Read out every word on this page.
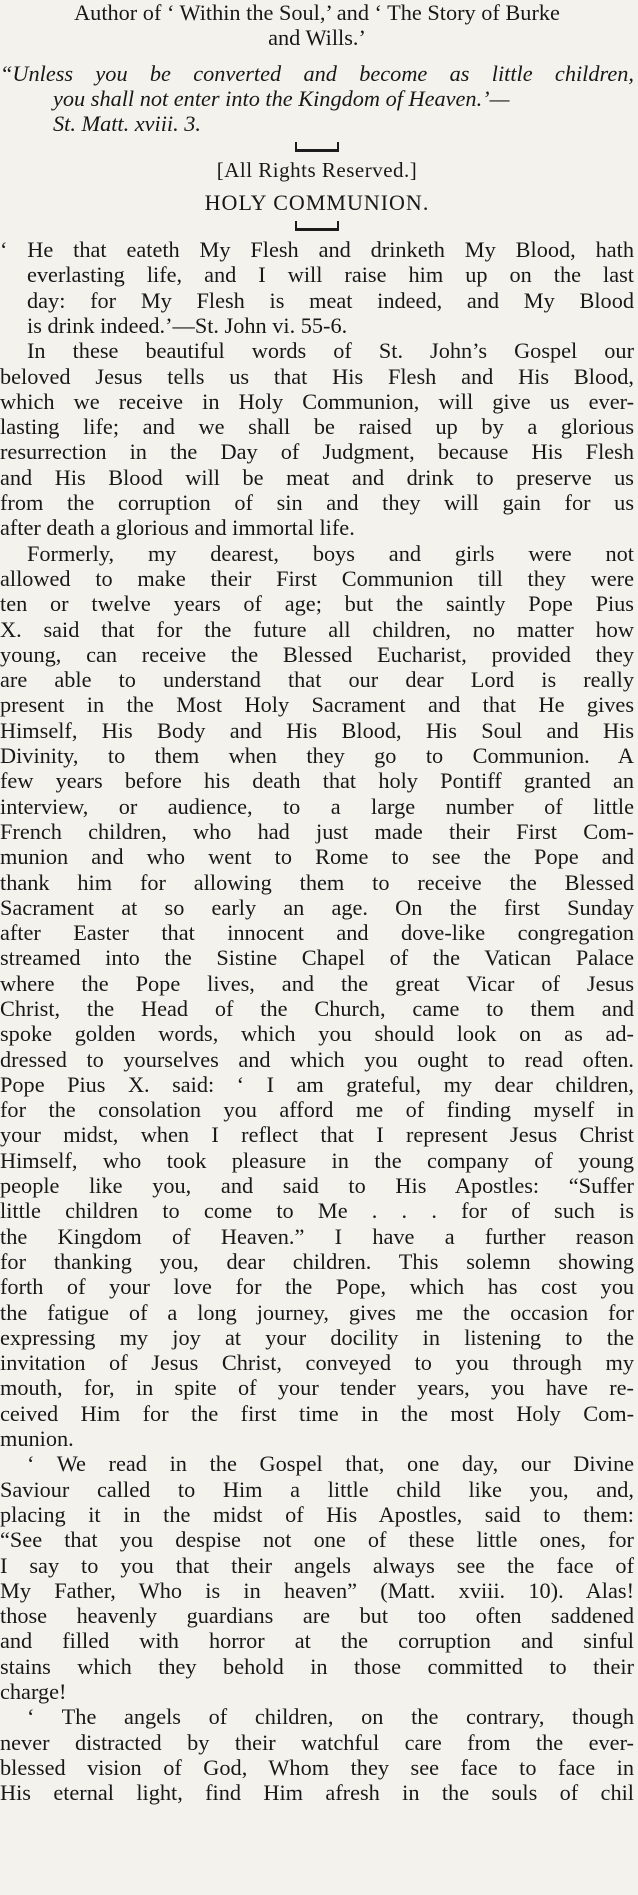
Author of ‘ Within the Soul,’ and ‘ The Story of Burke
and Wills.’
“Unless you be converted and become as little children,
you shall not enter into the Kingdom of Heaven.’—
St. Matt. xviii. 3.
[All Rights Reserved.]
HOLY COMMUNION.
‘ He that eateth My Flesh and drinketh My Blood, hath
everlasting life, and I will raise him up on the last
day: for My Flesh is meat indeed, and My Blood
is drink indeed.’—St. John vi. 55-6.
In these beautiful words of St. John’s Gospel our
beloved Jesus tells us that His Flesh and His Blood,
which we receive in Holy Communion, will give us ever-
lasting life; and we shall be raised up by a glorious
resurrection in the Day of Judgment, because His Flesh
and His Blood will be meat and drink to preserve us
from the corruption of sin and they will gain for us
after death a glorious and immortal life.
Formerly, my dearest, boys and girls were not
allowed to make their First Communion till they were
ten or twelve years of age; but the saintly Pope Pius
X. said that for the future all children, no matter how
young, can receive the Blessed Eucharist, provided they
are able to understand that our dear Lord is really
present in the Most Holy Sacrament and that He gives
Himself, His Body and His Blood, His Soul and His
Divinity, to them when they go to Communion. A
few years before his death that holy Pontiff granted an
interview, or audience, to a large number of little
French children, who had just made their First Com-
munion and who went to Rome to see the Pope and
thank him for allowing them to receive the Blessed
Sacrament at so early an age. On the first Sunday
after Easter that innocent and dove-like congregation
streamed into the Sistine Chapel of the Vatican Palace
where the Pope lives, and the great Vicar of Jesus
Christ, the Head of the Church, came to them and
spoke golden words, which you should look on as ad-
dressed to yourselves and which you ought to read often.
Pope Pius X. said: ‘ I am grateful, my dear children,
for the consolation you afford me of finding myself in
your midst, when I reflect that I represent Jesus Christ
Himself, who took pleasure in the company of young
people like you, and said to His Apostles: “Suffer
little children to come to Me . . . for of such is
the Kingdom of Heaven.” I have a further reason
for thanking you, dear children. This solemn showing
forth of your love for the Pope, which has cost you
the fatigue of a long journey, gives me the occasion for
expressing my joy at your docility in listening to the
invitation of Jesus Christ, conveyed to you through my
mouth, for, in spite of your tender years, you have re-
ceived Him for the first time in the most Holy Com-
munion.
‘ We read in the Gospel that, one day, our Divine
Saviour called to Him a little child like you, and,
placing it in the midst of His Apostles, said to them:
“See that you despise not one of these little ones, for
I say to you that their angels always see the face of
My Father, Who is in heaven” (Matt. xviii. 10). Alas!
those heavenly guardians are but too often saddened
and filled with horror at the corruption and sinful
stains which they behold in those committed to their
charge!
‘ The angels of children, on the contrary, though
never distracted by their watchful care from the ever-
blessed vision of God, Whom they see face to face in
His eternal light, find Him afresh in the souls of chil
